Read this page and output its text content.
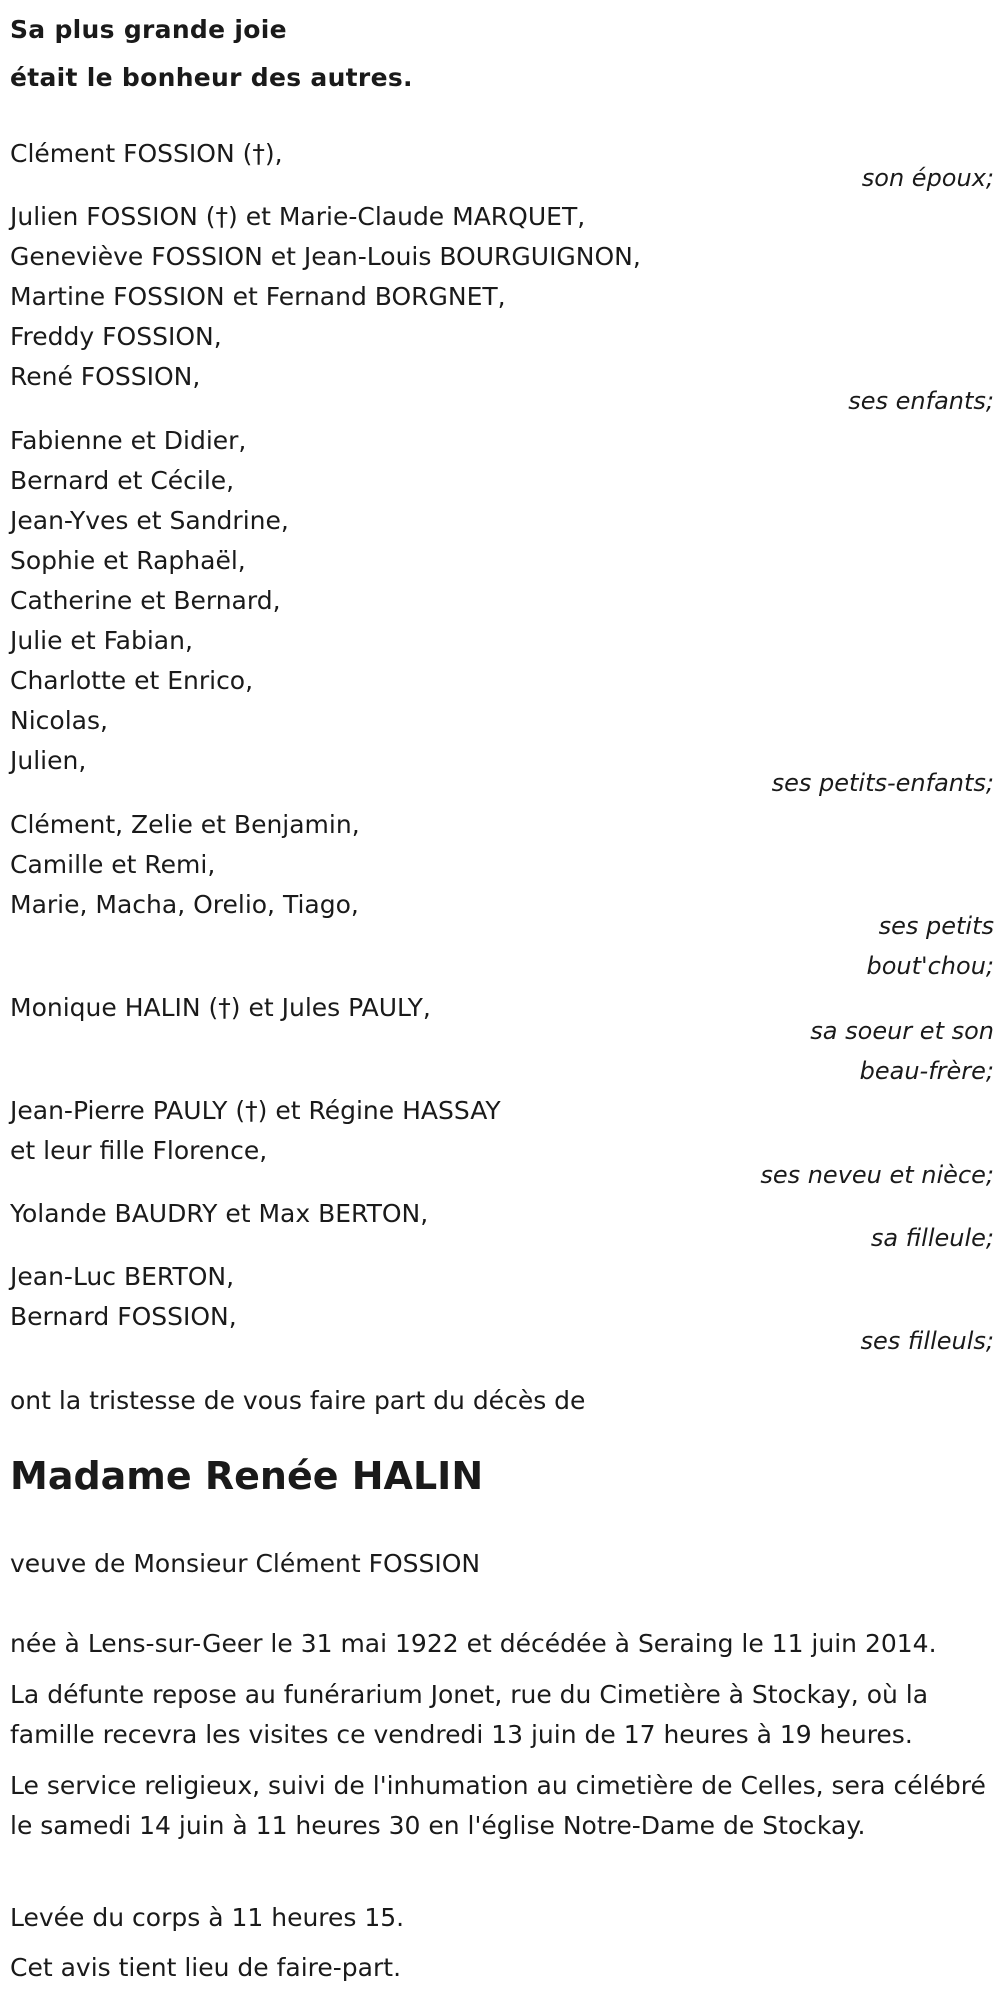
Sa plus grande joie
était le bonheur des autres.
Clément FOSSION (†),
son époux;
Julien FOSSION (†) et Marie-Claude MARQUET,
Geneviève FOSSION et Jean-Louis BOURGUIGNON,
Martine FOSSION et Fernand BORGNET,
Freddy FOSSION,
René FOSSION,
ses enfants;
Fabienne et Didier,
Bernard et Cécile,
Jean-Yves et Sandrine,
Sophie et Raphaël,
Catherine et Bernard,
Julie et Fabian,
Charlotte et Enrico,
Nicolas,
Julien,
ses petits-enfants;
Clément, Zelie et Benjamin,
Camille et Remi,
Marie, Macha, Orelio, Tiago,
ses petits
bout'chou;
Monique HALIN (†) et Jules PAULY,
sa soeur et son
beau-frère;
Jean-Pierre PAULY (†) et Régine HASSAY
et leur fille Florence,
ses neveu et nièce;
Yolande BAUDRY et Max BERTON,
sa filleule;
Jean-Luc BERTON,
Bernard FOSSION,
ses filleuls;
ont la tristesse de vous faire part du décès de
Madame Renée HALIN
veuve de Monsieur Clément FOSSION
née à Lens-sur-Geer le 31 mai 1922 et décédée à Seraing le 11 juin 2014.
La défunte repose au funérarium Jonet, rue du Cimetière à Stockay, où la famille recevra les visites ce vendredi 13 juin de 17 heures à 19 heures.
Le service religieux, suivi de l'inhumation au cimetière de Celles, sera célébré le samedi 14 juin à 11 heures 30 en l'église Notre-Dame de Stockay.
Levée du corps à 11 heures 15.
Cet avis tient lieu de faire-part.
